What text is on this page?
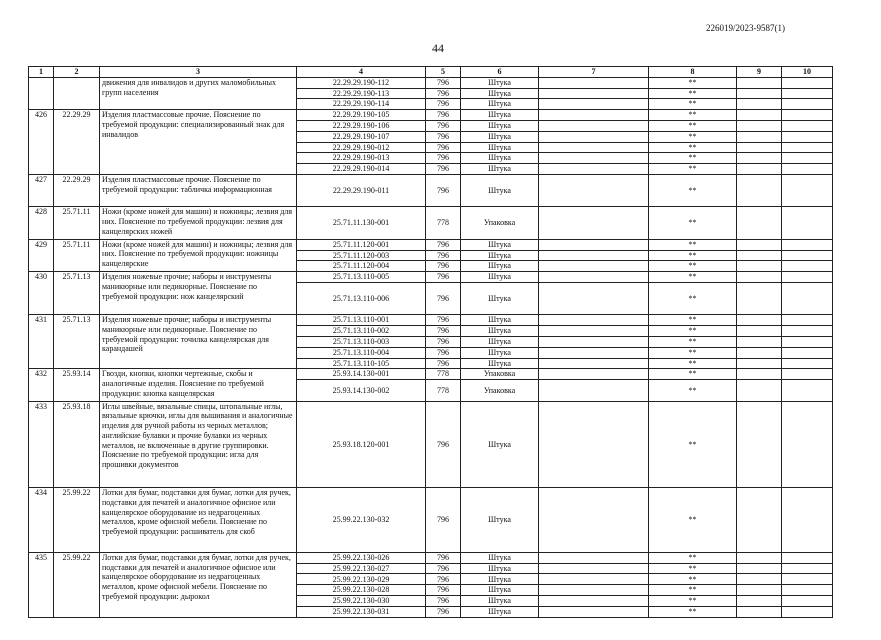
226019/2023-9587(1)
44
1	2	3	4	5	6	7	8	9	10
		движения для инвалидов и других маломобильных групп населения	22.29.29.190-112	796	Штука		**		
			22.29.29.190-113	796	Штука		**		
			22.29.29.190-114	796	Штука		**		
426	22.29.29	Изделия пластмассовые прочие. Пояснение по требуемой продукции: специализированный знак для инвалидов	22.29.29.190-105	796	Штука		**		
			22.29.29.190-106	796	Штука		**		
			22.29.29.190-107	796	Штука		**		
			22.29.29.190-012	796	Штука		**		
			22.29.29.190-013	796	Штука		**		
			22.29.29.190-014	796	Штука		**		
427	22.29.29	Изделия пластмассовые прочие. Пояснение по требуемой продукции: табличка информационная	22.29.29.190-011	796	Штука		**		
428	25.71.11	Ножи (кроме ножей для машин) и ножницы; лезвия для них. Пояснение по требуемой продукции: лезвия для канцелярских ножей	25.71.11.130-001	778	Упаковка		**		
429	25.71.11	Ножи (кроме ножей для машин) и ножницы; лезвия для них. Пояснение по требуемой продукции: ножницы канцелярские	25.71.11.120-001	796	Штука		**		
			25.71.11.120-003	796	Штука		**		
			25.71.11.120-004	796	Штука		**		
430	25.71.13	Изделия ножевые прочие; наборы и инструменты маникюрные или педикюрные. Пояснение по требуемой продукции: нож канцелярский	25.71.13.110-005	796	Штука		**		
			25.71.13.110-006	796	Штука		**		
431	25.71.13	Изделия ножевые прочие; наборы и инструменты маникюрные или педикюрные. Пояснение по требуемой продукции: точилка канцелярская для карандашей	25.71.13.110-001	796	Штука		**		
			25.71.13.110-002	796	Штука		**		
			25.71.13.110-003	796	Штука		**		
			25.71.13.110-004	796	Штука		**		
			25.71.13.110-105	796	Штука		**		
432	25.93.14	Гвозди, кнопки, кнопки чертежные, скобы и аналогичные изделия. Пояснение по требуемой продукции: кнопка канцелярская	25.93.14.130-001	778	Упаковка		**		
			25.93.14.130-002	778	Упаковка		**		
433	25.93.18	Иглы швейные, вязальные спицы, штопальные иглы, вязальные крючки, иглы для вышивания и аналогичные изделия для ручной работы из черных металлов; английские булавки и прочие булавки из черных металлов, не включенные в другие группировки. Пояснение по требуемой продукции: игла для прошивки документов	25.93.18.120-001	796	Штука		**		
434	25.99.22	Лотки для бумаг, подставки для бумаг, лотки для ручек, подставки для печатей и аналогичное офисное или канцелярское оборудование из недрагоценных металлов, кроме офисной мебели. Пояснение по требуемой продукции: расшиватель для скоб	25.99.22.130-032	796	Штука		**		
435	25.99.22	Лотки для бумаг, подставки для бумаг, лотки для ручек, подставки для печатей и аналогичное офисное или канцелярское оборудование из недрагоценных металлов, кроме офисной мебели. Пояснение по требуемой продукции: дырокол	25.99.22.130-026	796	Штука		**		
			25.99.22.130-027	796	Штука		**		
			25.99.22.130-029	796	Штука		**		
			25.99.22.130-028	796	Штука		**		
			25.99.22.130-030	796	Штука		**		
			25.99.22.130-031	796	Штука		**		
